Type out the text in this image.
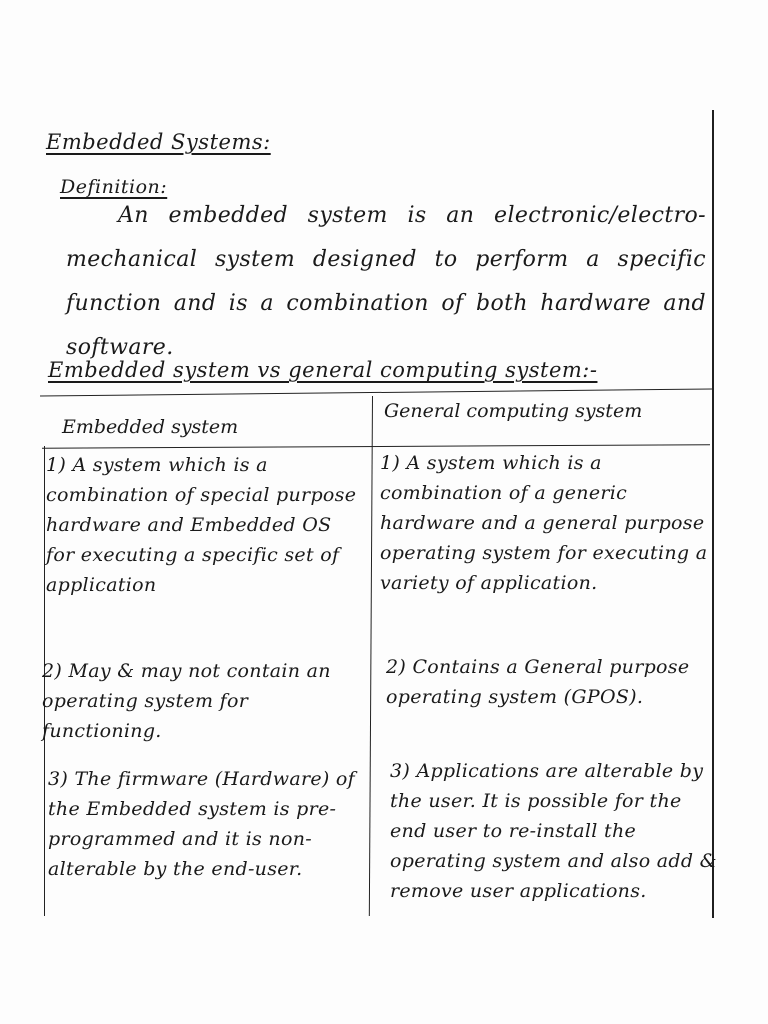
Embedded Systems:
Definition:
An embedded system is an electronic/electro-mechanical system designed to perform a specific function and is a combination of both hardware and software.
Embedded system vs general computing system:-
Embedded system
General computing system
1) A system which is a combination of special purpose hardware and Embedded OS for executing a specific set of application
2) May & may not contain an operating system for functioning.
3) The firmware (Hardware) of the Embedded system is pre-programmed and it is non-alterable by the end-user.
1) A system which is a combination of a generic hardware and a general purpose operating system for executing a variety of application.
2) Contains a General purpose operating system (GPOS).
3) Applications are alterable by the user. It is possible for the end user to re-install the operating system and also add & remove user applications.
